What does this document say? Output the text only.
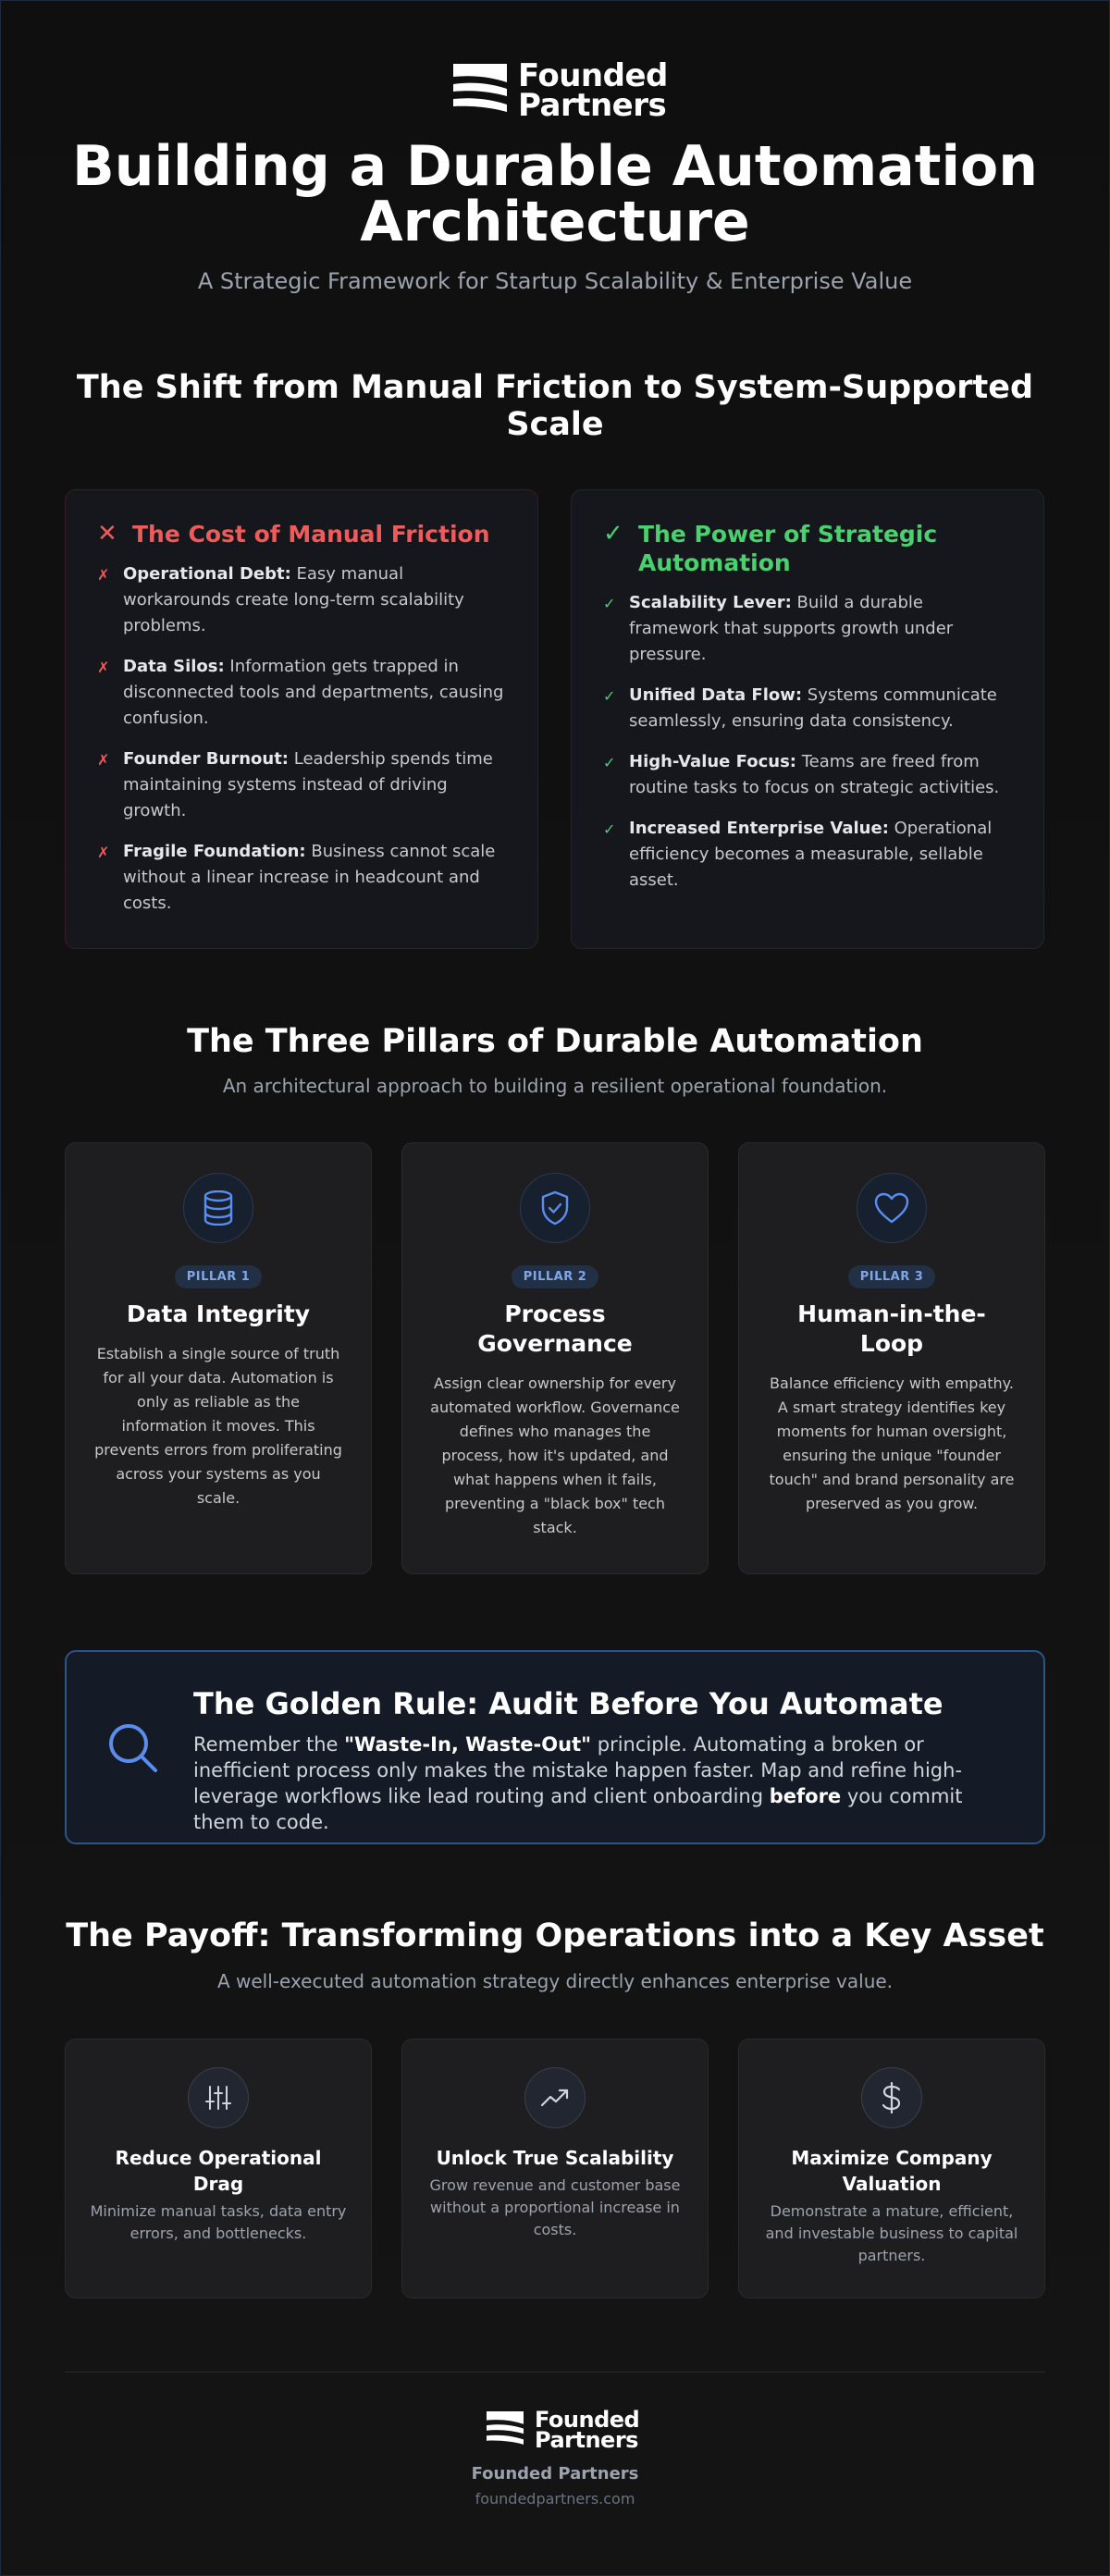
Founded
Partners
Building a Durable Automation
Architecture
A Strategic Framework for Startup Scalability & Enterprise Value
The Shift from Manual Friction to System-Supported
Scale
✕ The Cost of Manual Friction
✗ Operational Debt: Easy manual workarounds create long-term scalability problems.
✗ Data Silos: Information gets trapped in disconnected tools and departments, causing confusion.
✗ Founder Burnout: Leadership spends time maintaining systems instead of driving growth.
✗ Fragile Foundation: Business cannot scale without a linear increase in headcount and costs.
✓ The Power of Strategic Automation
✓ Scalability Lever: Build a durable framework that supports growth under pressure.
✓ Unified Data Flow: Systems communicate seamlessly, ensuring data consistency.
✓ High-Value Focus: Teams are freed from routine tasks to focus on strategic activities.
✓ Increased Enterprise Value: Operational efficiency becomes a measurable, sellable asset.
The Three Pillars of Durable Automation
An architectural approach to building a resilient operational foundation.
PILLAR 1
Data Integrity
Establish a single source of truth for all your data. Automation is only as reliable as the information it moves. This prevents errors from proliferating across your systems as you scale.
PILLAR 2
Process Governance
Assign clear ownership for every automated workflow. Governance defines who manages the process, how it's updated, and what happens when it fails, preventing a "black box" tech stack.
PILLAR 3
Human-in-the-Loop
Balance efficiency with empathy. A smart strategy identifies key moments for human oversight, ensuring the unique "founder touch" and brand personality are preserved as you grow.
The Golden Rule: Audit Before You Automate
Remember the "Waste-In, Waste-Out" principle. Automating a broken or inefficient process only makes the mistake happen faster. Map and refine high-leverage workflows like lead routing and client onboarding before you commit them to code.
The Payoff: Transforming Operations into a Key Asset
A well-executed automation strategy directly enhances enterprise value.
Reduce Operational Drag
Minimize manual tasks, data entry errors, and bottlenecks.
Unlock True Scalability
Grow revenue and customer base without a proportional increase in costs.
Maximize Company Valuation
Demonstrate a mature, efficient, and investable business to capital partners.
Founded
Partners
Founded Partners
foundedpartners.com
